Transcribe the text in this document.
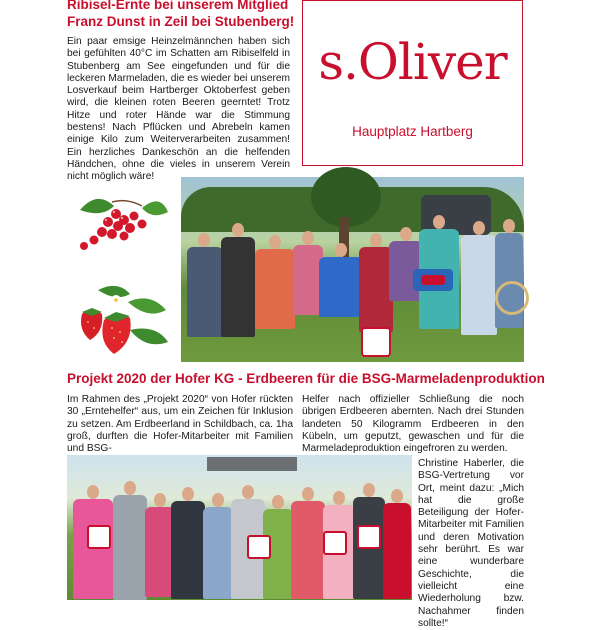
Ribisel-Ernte bei unserem Mitglied

Franz Dunst in Zeil bei Stubenberg!

Ein paar emsige Heinzelmännchen haben sich bei gefühlten 40°C im Schatten am Ribiselfeld in Stubenberg am See eingefunden und für die leckeren Marmeladen, die es wieder bei unserem Losverkauf beim Hartberger Oktoberfest geben wird, die kleinen roten Beeren geerntet! Trotz Hitze und roter Hände war die Stimmung bestens! Nach Pflücken und Abrebeln kamen einige Kilo zum Weiterverarbeiten zusammen! Ein herzliches Dankeschön an die helfenden Händchen, ohne die vieles in unserem Verein nicht möglich wäre!

s.Oliver
Hauptplatz Hartberg
Projekt 2020 der Hofer KG - Erdbeeren für die BSG-Marmeladenproduktion

Im Rahmen des „Projekt 2020“ von Hofer rückten 30 „Erntehelfer“ aus, um ein Zeichen für Inklusion zu setzen. Am Erdbeerland in Schildbach, ca. 1ha groß, durften die Hofer-Mitarbeiter mit Familien und BSG-

Helfer nach offizieller Schließung die noch übrigen Erdbeeren abernten. Nach drei Stunden landeten 50 Kilogramm Erdbeeren in den Kübeln, um geputzt, gewaschen und für die Marmeladeproduktion eingefroren zu werden.

Christine Haberler, die BSG-Vertretung vor Ort, meint dazu: „Mich hat die große Beteiligung der Hofer-Mitarbeiter mit Familien und deren Motivation sehr berührt. Es war eine wunderbare Geschichte, die vielleicht eine Wiederholung bzw. Nachahmer finden sollte!“
